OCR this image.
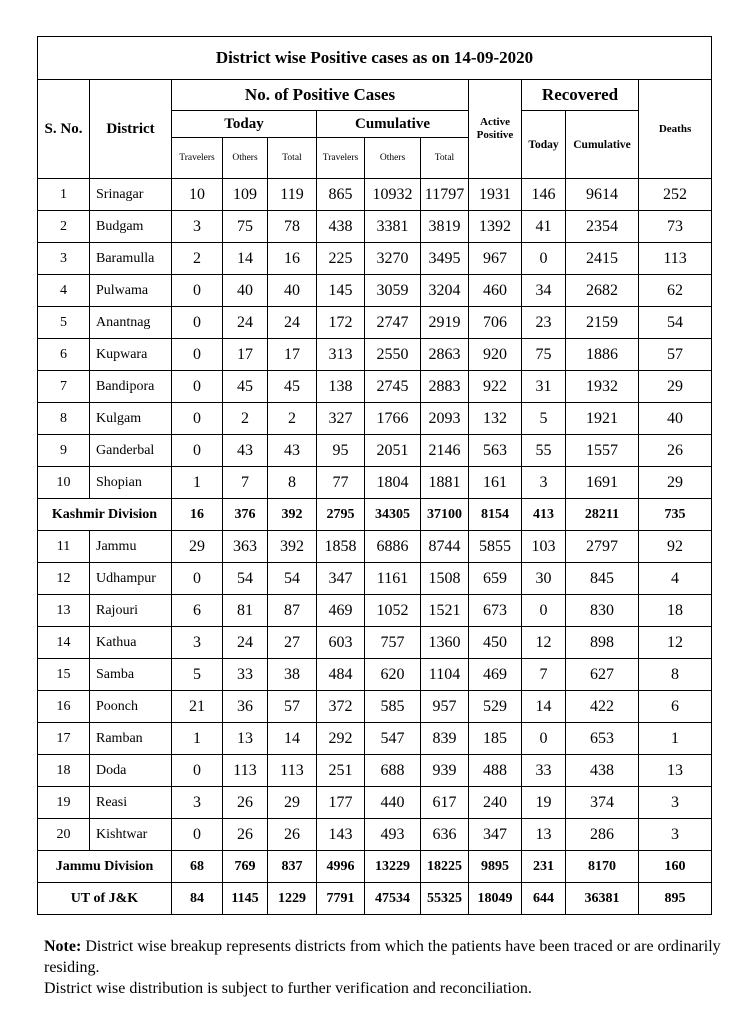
District wise Positive cases as on 14-09-2020											
S. No.	District	No. of Positive Cases						Active Positive	Recovered		Deaths
		Today			Cumulative				Today	Cumulative	
		Travelers	Others	Total	Travelers	Others	Total				
1	Srinagar	10	109	119	865	10932	11797	1931	146	9614	252
2	Budgam	3	75	78	438	3381	3819	1392	41	2354	73
3	Baramulla	2	14	16	225	3270	3495	967	0	2415	113
4	Pulwama	0	40	40	145	3059	3204	460	34	2682	62
5	Anantnag	0	24	24	172	2747	2919	706	23	2159	54
6	Kupwara	0	17	17	313	2550	2863	920	75	1886	57
7	Bandipora	0	45	45	138	2745	2883	922	31	1932	29
8	Kulgam	0	2	2	327	1766	2093	132	5	1921	40
9	Ganderbal	0	43	43	95	2051	2146	563	55	1557	26
10	Shopian	1	7	8	77	1804	1881	161	3	1691	29
Kashmir Division		16	376	392	2795	34305	37100	8154	413	28211	735
11	Jammu	29	363	392	1858	6886	8744	5855	103	2797	92
12	Udhampur	0	54	54	347	1161	1508	659	30	845	4
13	Rajouri	6	81	87	469	1052	1521	673	0	830	18
14	Kathua	3	24	27	603	757	1360	450	12	898	12
15	Samba	5	33	38	484	620	1104	469	7	627	8
16	Poonch	21	36	57	372	585	957	529	14	422	6
17	Ramban	1	13	14	292	547	839	185	0	653	1
18	Doda	0	113	113	251	688	939	488	33	438	13
19	Reasi	3	26	29	177	440	617	240	19	374	3
20	Kishtwar	0	26	26	143	493	636	347	13	286	3
Jammu Division		68	769	837	4996	13229	18225	9895	231	8170	160
UT of J&K		84	1145	1229	7791	47534	55325	18049	644	36381	895
Note: District wise breakup represents districts from which the patients have been traced or are ordinarily residing.
District wise distribution is subject to further verification and reconciliation.
